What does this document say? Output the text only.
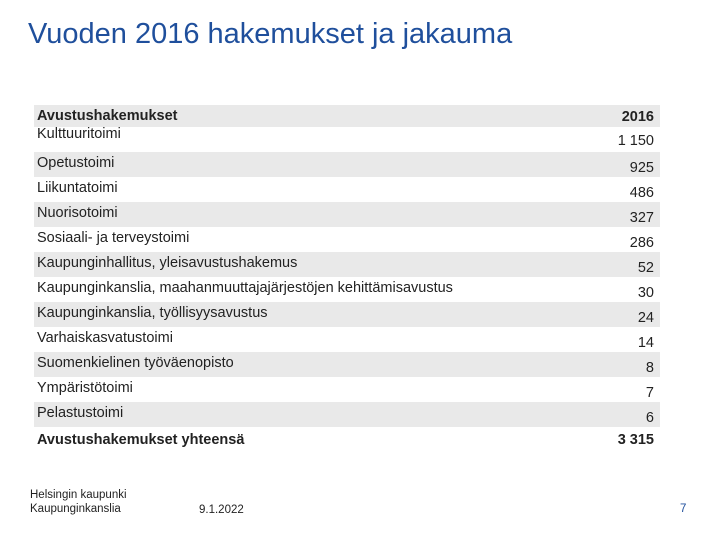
Vuoden 2016 hakemukset ja jakauma
Avustushakemukset	2016
Kulttuuritoimi	1 150
Opetustoimi	925
Liikuntatoimi	486
Nuorisotoimi	327
Sosiaali- ja terveystoimi	286
Kaupunginhallitus, yleisavustushakemus	52
Kaupunginkanslia, maahanmuuttajajärjestöjen kehittämisavustus	30
Kaupunginkanslia, työllisyysavustus	24
Varhaiskasvatustoimi	14
Suomenkielinen työväenopisto	8
Ympäristötoimi	7
Pelastustoimi	6
Avustushakemukset yhteensä	3 315
Helsingin kaupunki
Kaupunginkanslia	9.1.2022	7
